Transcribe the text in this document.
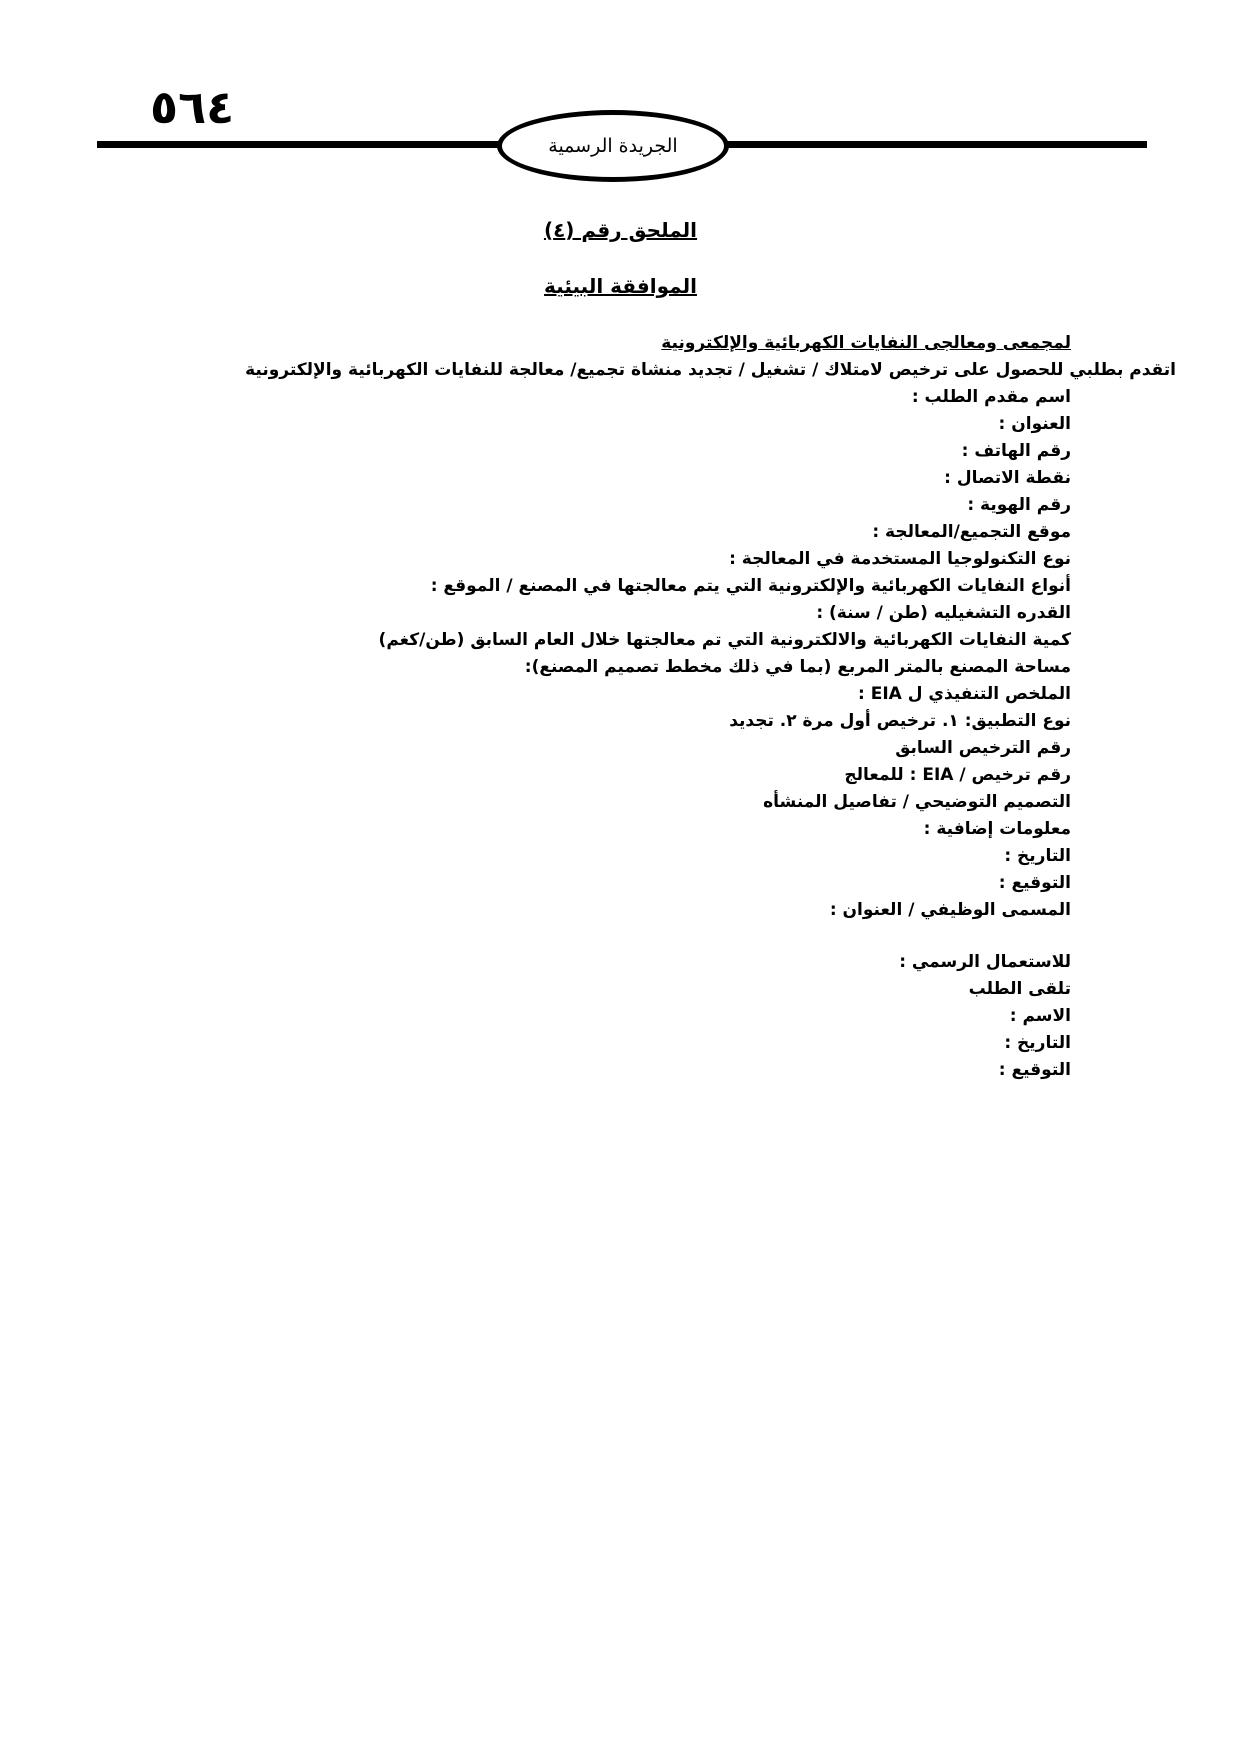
٥٦٤
الجريدة الرسمية
الملحق رقم (٤)
الموافقة البيئية
لمجمعى ومعالجى النفايات الكهربائية والإلكترونية
اتقدم بطلبي للحصول على ترخيص لامتلاك / تشغيل / تجديد منشاة تجميع/ معالجة للنفايات الكهربائية والإلكترونية
اسم مقدم الطلب :
العنوان :
رقم الهاتف :
نقطة الاتصال :
رقم الهوية :
موقع التجميع/المعالجة :
نوع التكنولوجيا المستخدمة في المعالجة :
أنواع النفايات الكهربائية والإلكترونية التي يتم معالجتها في المصنع / الموقع :
القدره التشغيليه (طن / سنة) :
كمية النفايات الكهربائية والالكترونية التي تم معالجتها خلال العام السابق (طن/كغم)
مساحة المصنع بالمتر المربع (بما في ذلك مخطط تصميم المصنع):
الملخص التنفيذي ل EIA :
نوع التطبيق: ١. ترخيص أول مرة ٢. تجديد
رقم الترخيص السابق
رقم ترخيص / EIA : للمعالج
التصميم التوضيحي / تفاصيل المنشأه
معلومات إضافية :
التاريخ :
التوقيع :
المسمى الوظيفي / العنوان :
للاستعمال الرسمي :
تلقى الطلب
الاسم :
التاريخ :
التوقيع :
